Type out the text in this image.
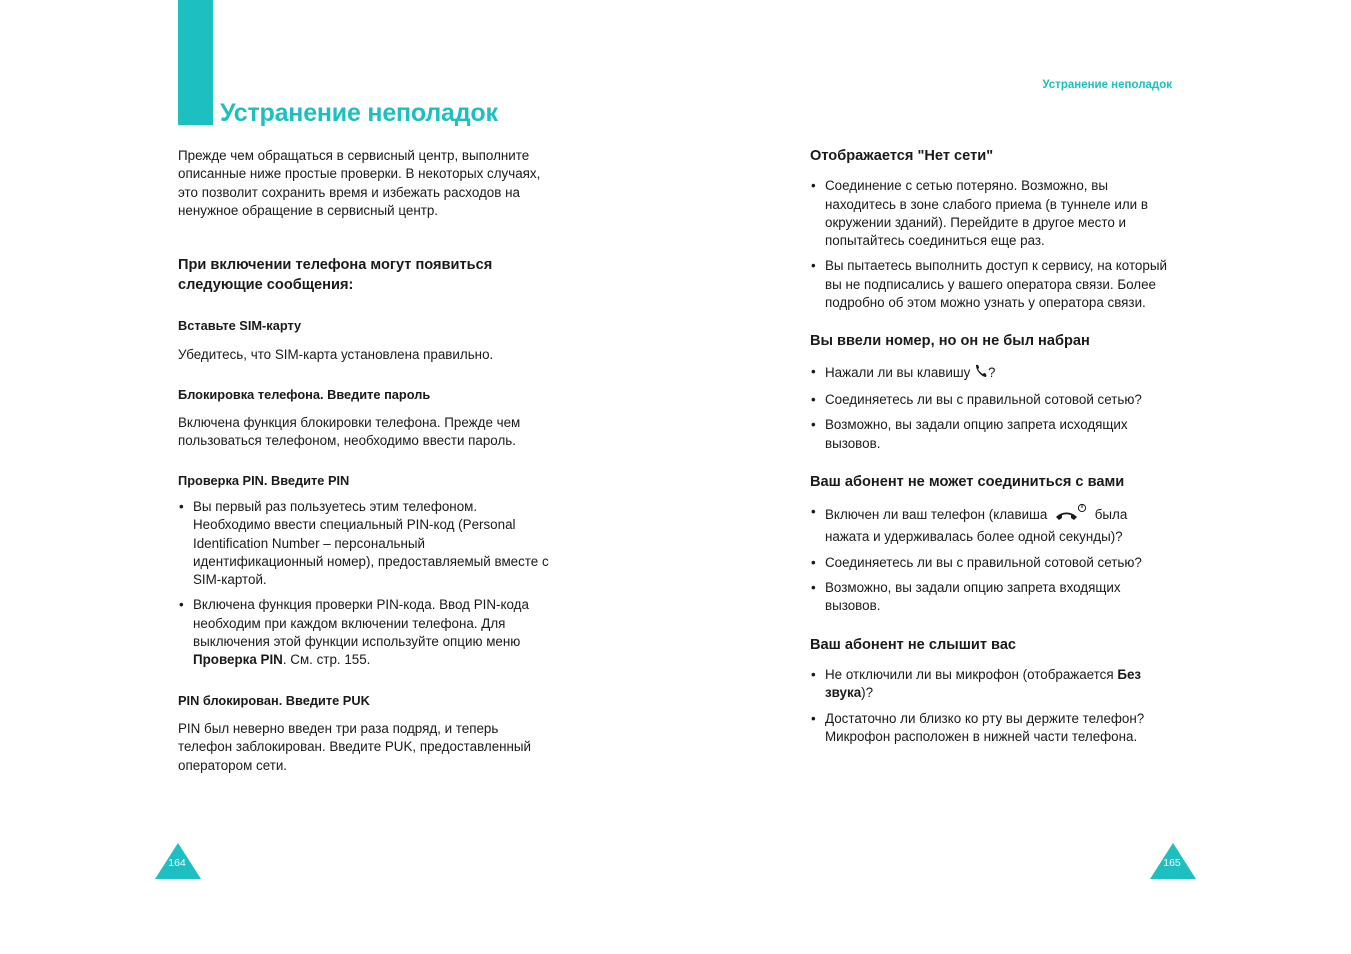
Устранение неполадок
Устранение неполадок

Прежде чем обращаться в сервисный центр, выполните описанные ниже простые проверки. В некоторых случаях, это позволит сохранить время и избежать расходов на ненужное обращение в сервисный центр.

При включении телефона могут появиться следующие сообщения:

Вставьте SIM-карту

Убедитесь, что SIM-карта установлена правильно.

Блокировка телефона. Введите пароль

Включена функция блокировки телефона. Прежде чем пользоваться телефоном, необходимо ввести пароль.

Проверка PIN. Введите PIN

• Вы первый раз пользуетесь этим телефоном. Необходимо ввести специальный PIN-код (Personal Identification Number – персональный идентификационный номер), предоставляемый вместе с SIM-картой.
• Включена функция проверки PIN-кода. Ввод PIN-кода необходим при каждом включении телефона. Для выключения этой функции используйте опцию меню Проверка PIN. См. стр. 155.

PIN блокирован. Введите PUK

PIN был неверно введен три раза подряд, и теперь телефон заблокирован. Введите PUK, предоставленный оператором сети.

Отображается "Нет сети"

• Соединение с сетью потеряно. Возможно, вы находитесь в зоне слабого приема (в туннеле или в окружении зданий). Перейдите в другое место и попытайтесь соединиться еще раз.
• Вы пытаетесь выполнить доступ к сервису, на который вы не подписались у вашего оператора связи. Более подробно об этом можно узнать у оператора связи.

Вы ввели номер, но он не был набран

• Нажали ли вы клавишу ?
• Соединяетесь ли вы с правильной сотовой сетью?
• Возможно, вы задали опцию запрета исходящих вызовов.

Ваш абонент не может соединиться с вами

• Включен ли ваш телефон (клавиша	была нажата и удерживалась более одной секунды)?
• Соединяетесь ли вы с правильной сотовой сетью?
• Возможно, вы задали опцию запрета входящих вызовов.

Ваш абонент не слышит вас

• Не отключили ли вы микрофон (отображается Без звука)?
• Достаточно ли близко ко рту вы держите телефон? Микрофон расположен в нижней части телефона.
164	165
